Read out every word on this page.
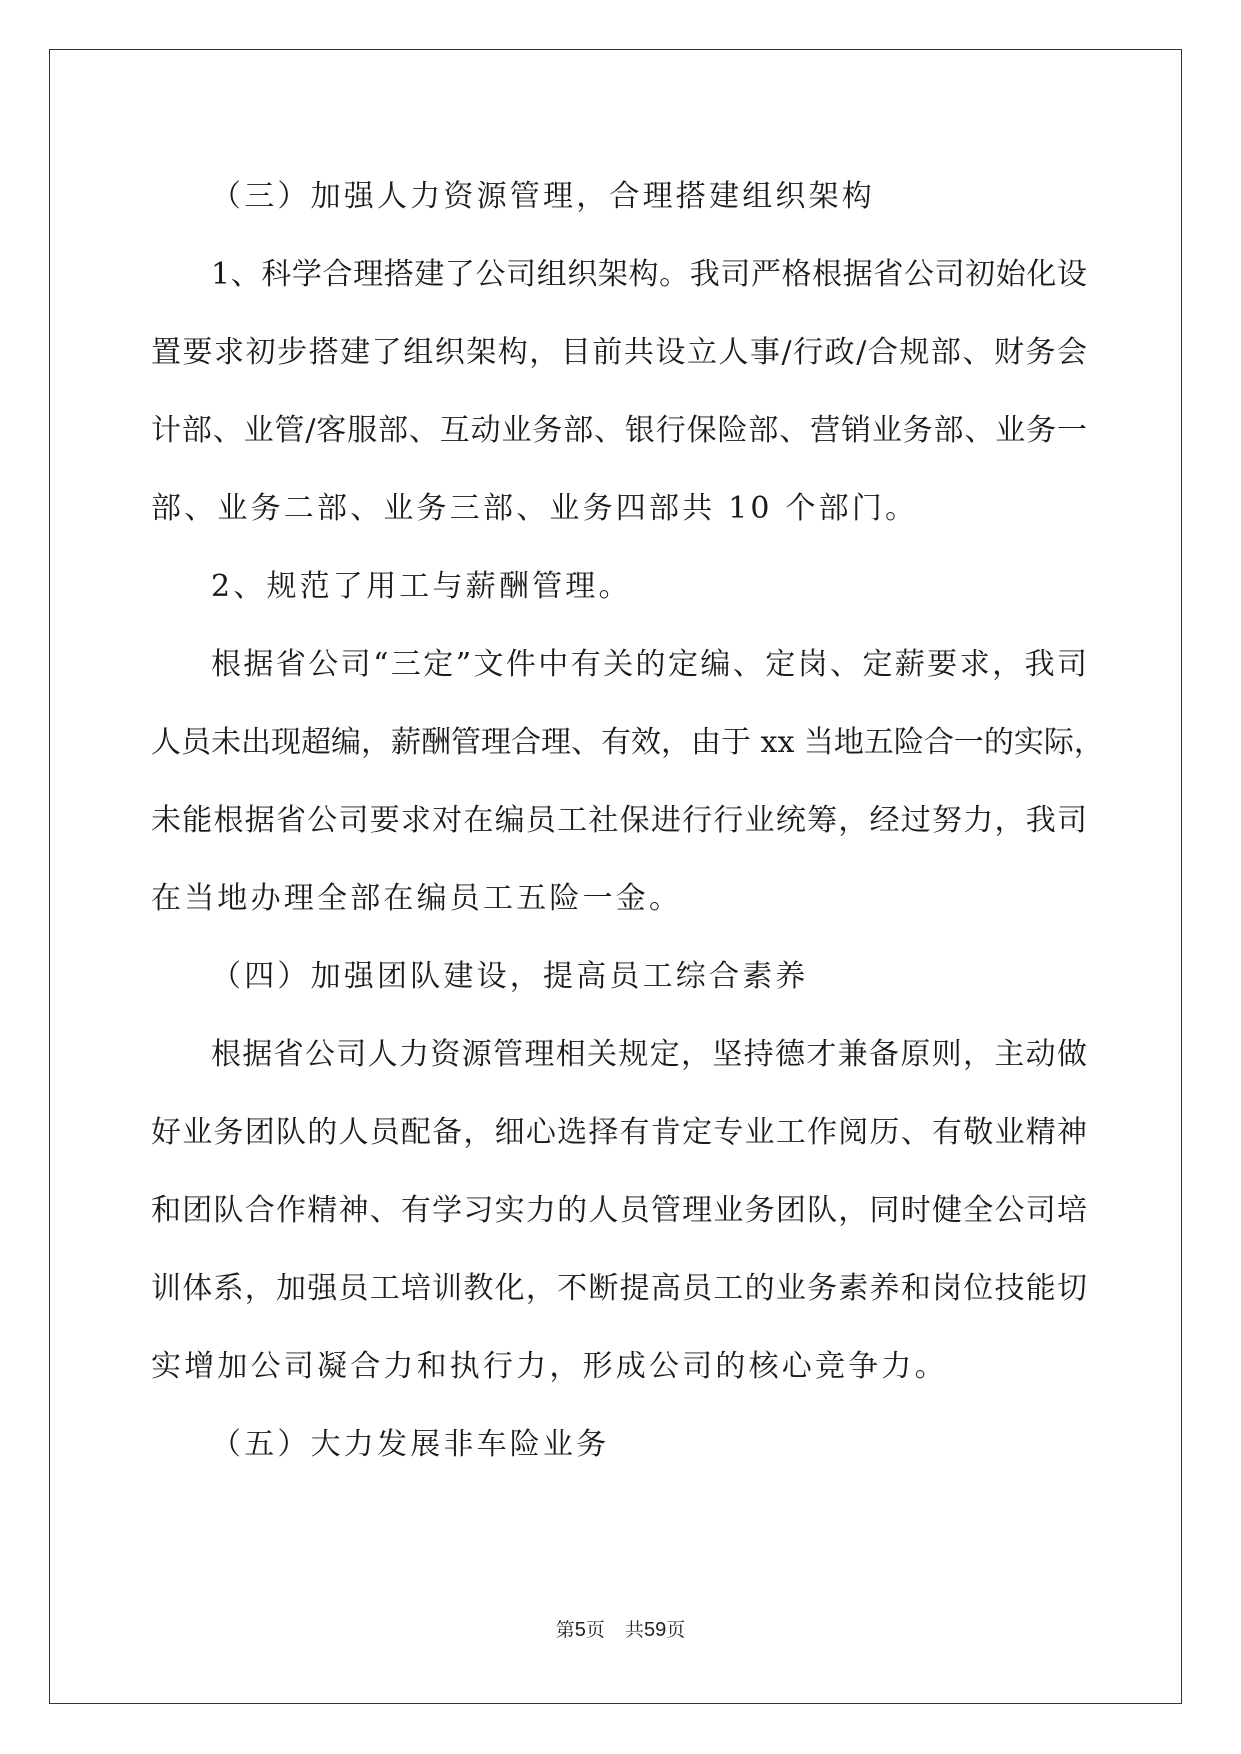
（三）加强人力资源管理，合理搭建组织架构
1、科学合理搭建了公司组织架构。我司严格根据省公司初始化设
置要求初步搭建了组织架构，目前共设立人事/行政/合规部、财务会
计部、业管/客服部、互动业务部、银行保险部、营销业务部、业务一
部、业务二部、业务三部、业务四部共 10 个部门。
2、规范了用工与薪酬管理。
根据省公司“三定”文件中有关的定编、定岗、定薪要求，我司
人员未出现超编，薪酬管理合理、有效，由于 xx 当地五险合一的实际，
未能根据省公司要求对在编员工社保进行行业统筹，经过努力，我司
在当地办理全部在编员工五险一金。
（四）加强团队建设，提高员工综合素养
根据省公司人力资源管理相关规定，坚持德才兼备原则，主动做
好业务团队的人员配备，细心选择有肯定专业工作阅历、有敬业精神
和团队合作精神、有学习实力的人员管理业务团队，同时健全公司培
训体系，加强员工培训教化，不断提高员工的业务素养和岗位技能切
实增加公司凝合力和执行力，形成公司的核心竞争力。
（五）大力发展非车险业务
第5页 共59页
